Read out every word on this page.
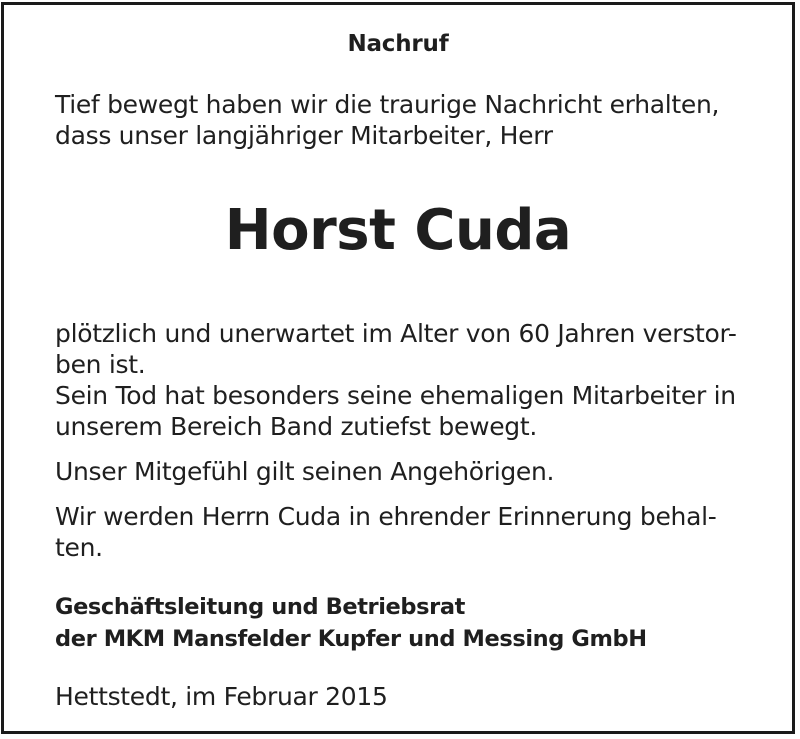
Nachruf

Tief bewegt haben wir die traurige Nachricht erhalten,
dass unser langjähriger Mitarbeiter, Herr

Horst Cuda

plötzlich und unerwartet im Alter von 60 Jahren verstor-
ben ist.
Sein Tod hat besonders seine ehemaligen Mitarbeiter in
unserem Bereich Band zutiefst bewegt.

Unser Mitgefühl gilt seinen Angehörigen.

Wir werden Herrn Cuda in ehrender Erinnerung behal-
ten.

Geschäftsleitung und Betriebsrat
der MKM Mansfelder Kupfer und Messing GmbH

Hettstedt, im Februar 2015
